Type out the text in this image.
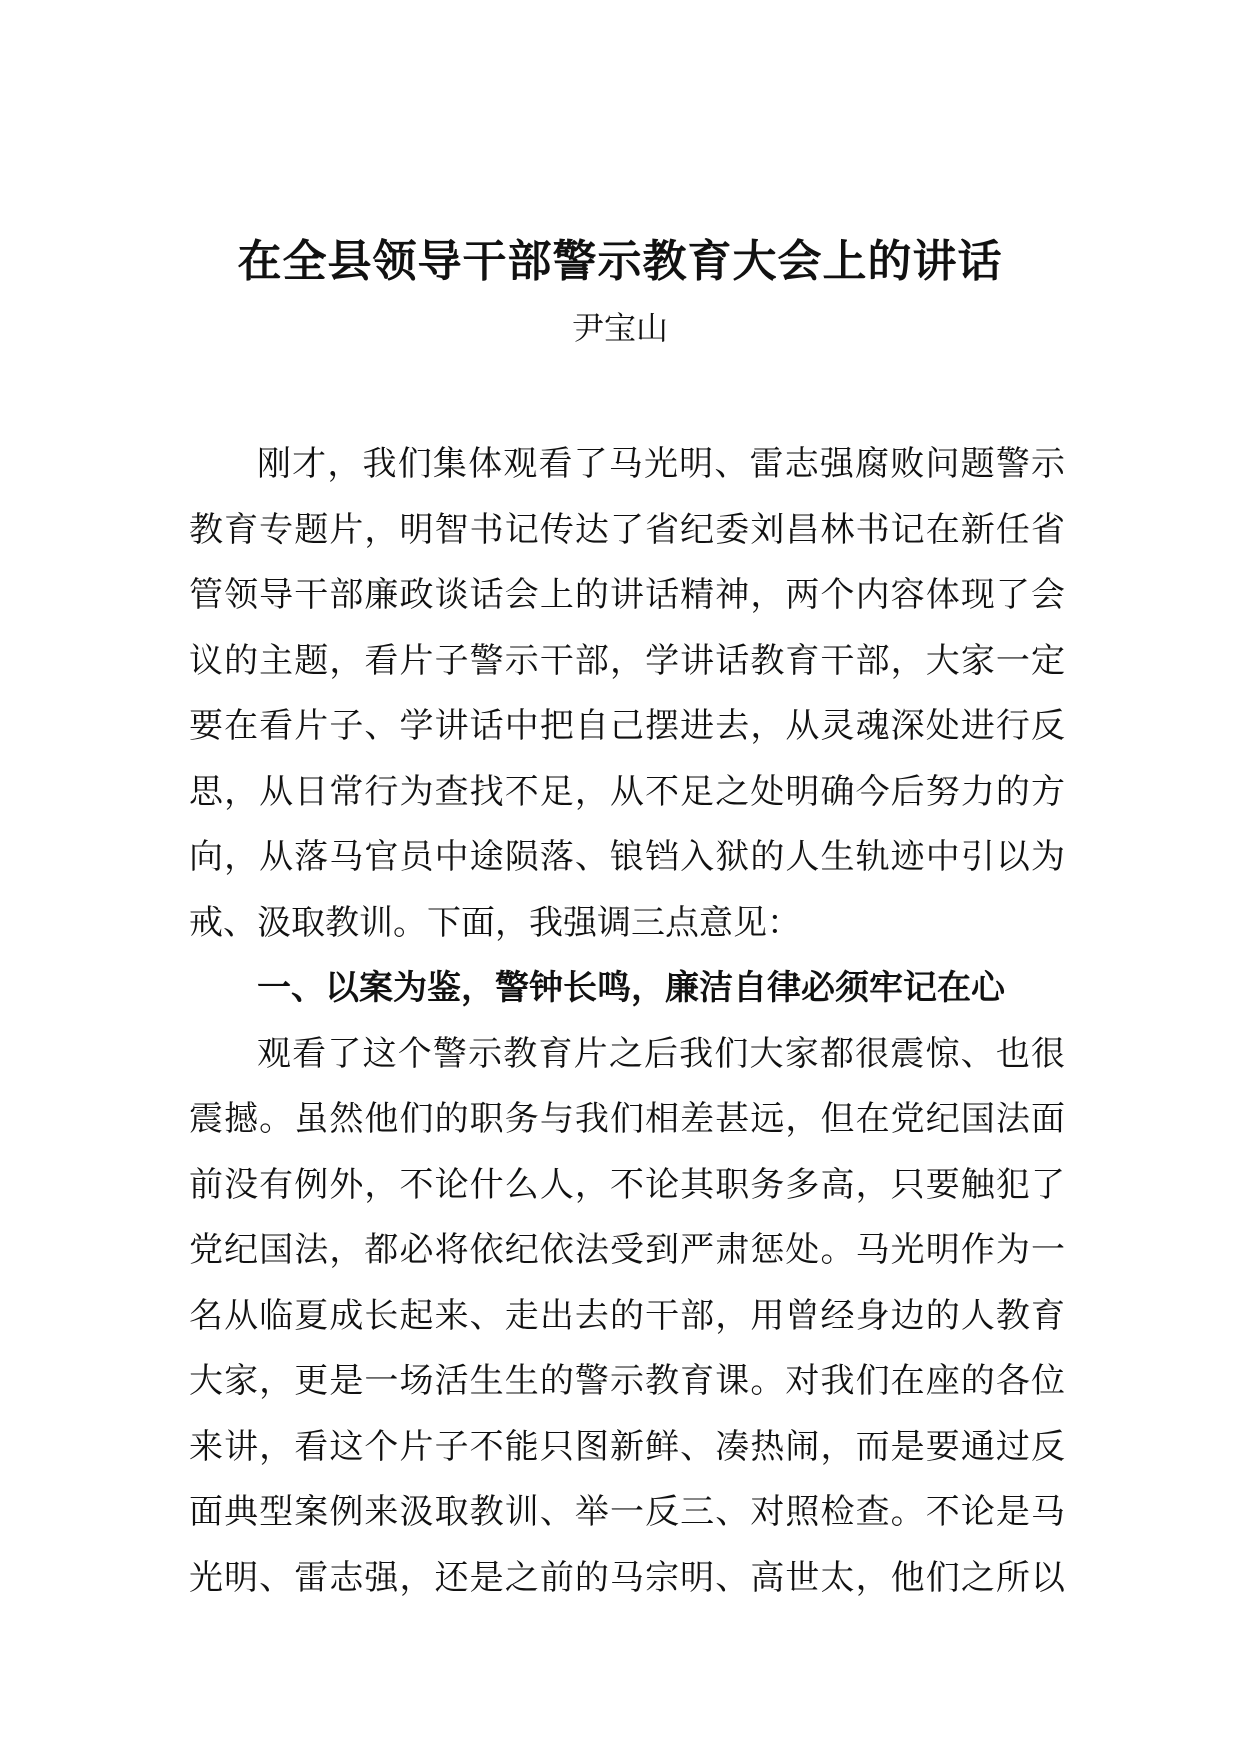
在全县领导干部警示教育大会上的讲话
尹宝山
刚才，我们集体观看了马光明、雷志强腐败问题警示
教育专题片，明智书记传达了省纪委刘昌林书记在新任省
管领导干部廉政谈话会上的讲话精神，两个内容体现了会
议的主题，看片子警示干部，学讲话教育干部，大家一定
要在看片子、学讲话中把自己摆进去，从灵魂深处进行反
思，从日常行为查找不足，从不足之处明确今后努力的方
向，从落马官员中途陨落、锒铛入狱的人生轨迹中引以为
戒、汲取教训。下面，我强调三点意见：
一、以案为鉴，警钟长鸣，廉洁自律必须牢记在心
观看了这个警示教育片之后我们大家都很震惊、也很
震撼。虽然他们的职务与我们相差甚远，但在党纪国法面
前没有例外，不论什么人，不论其职务多高，只要触犯了
党纪国法，都必将依纪依法受到严肃惩处。马光明作为一
名从临夏成长起来、走出去的干部，用曾经身边的人教育
大家，更是一场活生生的警示教育课。对我们在座的各位
来讲，看这个片子不能只图新鲜、凑热闹，而是要通过反
面典型案例来汲取教训、举一反三、对照检查。不论是马
光明、雷志强，还是之前的马宗明、高世太，他们之所以
